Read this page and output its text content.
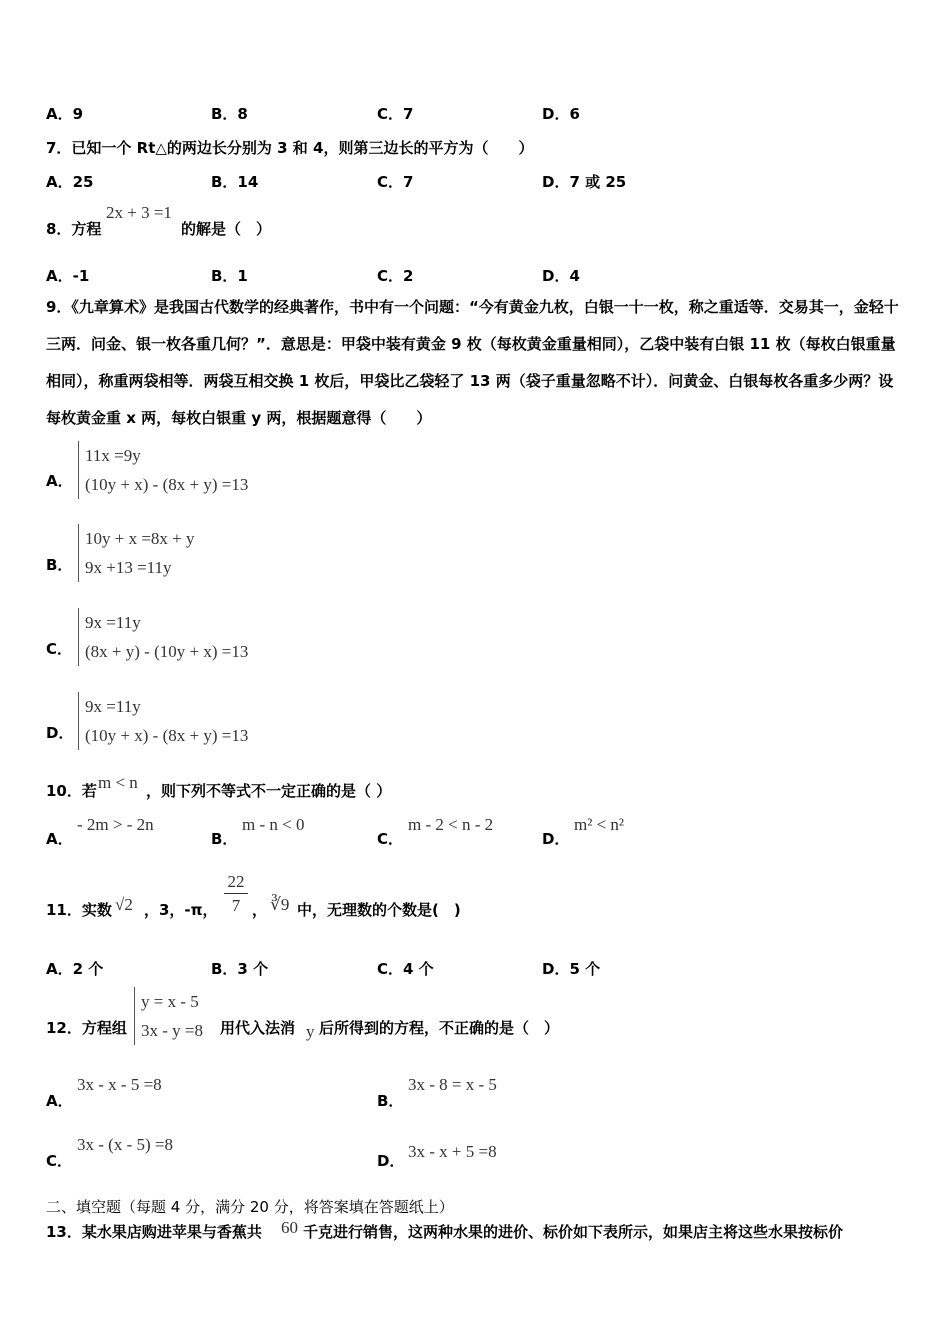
A．9	B．8	C．7	D．6
7．已知一个 Rt△的两边长分别为 3 和 4，则第三边长的平方为（　　）
A．25	B．14	C．7	D．7 或 25
8．方程
2x + 3 =1
的解是（　）
A．-1	B．1	C．2	D．4
9．《九章算术》是我国古代数学的经典著作，书中有一个问题：“今有黄金九枚，白银一十一枚，称之重适等．交易其一，金轻十三两．问金、银一枚各重几何？”．意思是：甲袋中装有黄金 9 枚（每枚黄金重量相同），乙袋中装有白银 11 枚（每枚白银重量相同），称重两袋相等．两袋互相交换 1 枚后，甲袋比乙袋轻了 13 两（袋子重量忽略不计）．问黄金、白银每枚各重多少两？设每枚黄金重 x 两，每枚白银重 y 两，根据题意得（　　）
A．
11x =9y
(10y + x) - (8x + y) =13
B．
10y + x =8x + y
9x +13 =11y
C．
9x =11y
(8x + y) - (10y + x) =13
D．
9x =11y
(10y + x) - (8x + y) =13
10．若 m < n ，则下列不等式不一定正确的是（ ）
A．
- 2m > - 2n
B．
m - n < 0
C．
m - 2 < n - 2
D．
m² < n²
11．实数 √2 ，3，-π， $\frac{22}{7}$ ， ∛9 中，无理数的个数是(　)
A．2 个	B．3 个	C．4 个	D．5 个
12．方程组
y = x - 5
3x - y =8 用代入法消 y 后所得到的方程，不正确的是（　）
A．
3x - x - 5 =8
B．
3x - 8 = x - 5
C．
3x - (x - 5) =8
D． 3x - x + 5 =8
二、填空题（每题 4 分，满分 20 分，将答案填在答题纸上）
13．某水果店购进苹果与香蕉共 60 千克进行销售，这两种水果的进价、标价如下表所示，如果店主将这些水果按标价
